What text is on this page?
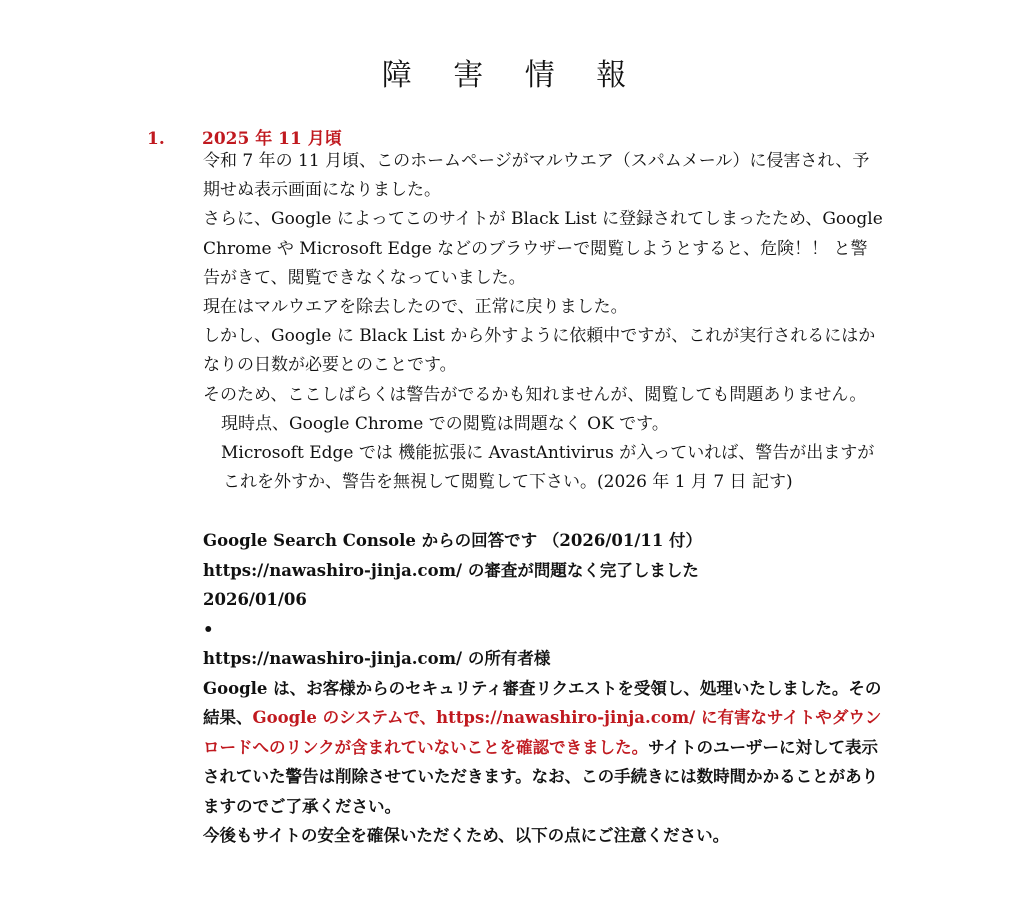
障 害 情 報
1. 2025 年 11 月頃

令和 7 年の 11 月頃、このホームページがマルウエア（スパムメール）に侵害され、予期せぬ表示画面になりました。

さらに、Google によってこのサイトが Black List に登録されてしまったため、Google Chrome や Microsoft Edge などのブラウザーで閲覧しようとすると、危険！！ と警告がきて、閲覧できなくなっていました。

現在はマルウエアを除去したので、正常に戻りました。

しかし、Google に Black List から外すように依頼中ですが、これが実行されるにはかなりの日数が必要とのことです。

そのため、ここしばらくは警告がでるかも知れませんが、閲覧しても問題ありません。

現時点、Google Chrome での閲覧は問題なく OK です。

Microsoft Edge では 機能拡張に AvastAntivirus が入っていれば、警告が出ますが

これを外すか、警告を無視して閲覧して下さい。(2026 年 1 月 7 日 記す)

Google Search Console からの回答です （2026/01/11 付）

https://nawashiro-jinja.com/ の審査が問題なく完了しました

2026/01/06

•

https://nawashiro-jinja.com/ の所有者様

Google は、お客様からのセキュリティ審査リクエストを受領し、処理いたしました。その結果、Google のシステムで、https://nawashiro-jinja.com/ に有害なサイトやダウンロードへのリンクが含まれていないことを確認できました。サイトのユーザーに対して表示されていた警告は削除させていただきます。なお、この手続きには数時間かかることがありますのでご了承ください。

今後もサイトの安全を確保いただくため、以下の点にご注意ください。
